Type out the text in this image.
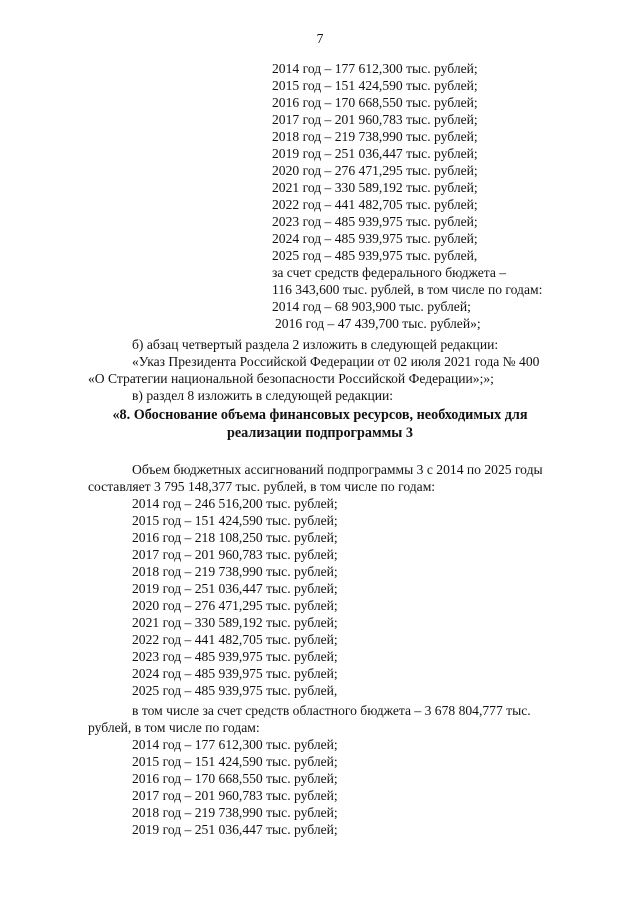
7
2014 год – 177 612,300 тыс. рублей;
2015 год – 151 424,590 тыс. рублей;
2016 год – 170 668,550 тыс. рублей;
2017 год – 201 960,783 тыс. рублей;
2018 год – 219 738,990 тыс. рублей;
2019 год – 251 036,447 тыс. рублей;
2020 год – 276 471,295 тыс. рублей;
2021 год – 330 589,192 тыс. рублей;
2022 год – 441 482,705 тыс. рублей;
2023 год – 485 939,975 тыс. рублей;
2024 год – 485 939,975 тыс. рублей;
2025 год – 485 939,975 тыс. рублей,
за счет средств федерального бюджета –
116 343,600 тыс. рублей, в том числе по годам:
2014 год – 68 903,900 тыс. рублей;
2016 год – 47 439,700 тыс. рублей»;
б) абзац четвертый раздела 2 изложить в следующей редакции:
«Указ Президента Российской Федерации от 02 июля 2021 года № 400
«О Стратегии национальной безопасности Российской Федерации»;»;
в) раздел 8 изложить в следующей редакции:
«8. Обоснование объема финансовых ресурсов, необходимых для
реализации подпрограммы 3
Объем бюджетных ассигнований подпрограммы 3 с 2014 по 2025 годы
составляет 3 795 148,377 тыс. рублей, в том числе по годам:
2014 год – 246 516,200 тыс. рублей;
2015 год – 151 424,590 тыс. рублей;
2016 год – 218 108,250 тыс. рублей;
2017 год – 201 960,783 тыс. рублей;
2018 год – 219 738,990 тыс. рублей;
2019 год – 251 036,447 тыс. рублей;
2020 год – 276 471,295 тыс. рублей;
2021 год – 330 589,192 тыс. рублей;
2022 год – 441 482,705 тыс. рублей;
2023 год – 485 939,975 тыс. рублей;
2024 год – 485 939,975 тыс. рублей;
2025 год – 485 939,975 тыс. рублей,
в том числе за счет средств областного бюджета – 3 678 804,777 тыс.
рублей, в том числе по годам:
2014 год – 177 612,300 тыс. рублей;
2015 год – 151 424,590 тыс. рублей;
2016 год – 170 668,550 тыс. рублей;
2017 год – 201 960,783 тыс. рублей;
2018 год – 219 738,990 тыс. рублей;
2019 год – 251 036,447 тыс. рублей;
